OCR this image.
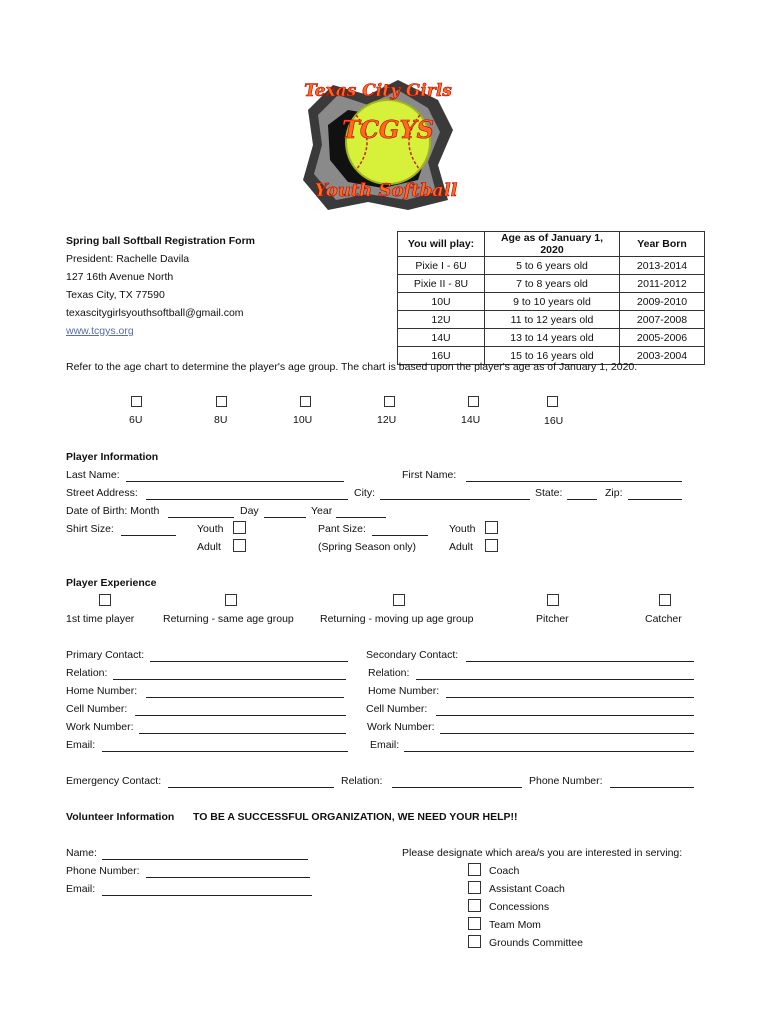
Texas City Girls
TCGYS
Youth Softball
Spring ball Softball Registration Form
President: Rachelle Davila
127 16th Avenue North
Texas City, TX 77590
texascitygirlsyouthsoftball@gmail.com
www.tcgys.org
You will play:	Age as of January 1, 2020	Year Born
Pixie I - 6U	5 to 6 years old	2013-2014
Pixie II - 8U	7 to 8 years old	2011-2012
10U	9 to 10 years old	2009-2010
12U	11 to 12 years old	2007-2008
14U	13 to 14 years old	2005-2006
16U	15 to 16 years old	2003-2004
Refer to the age chart to determine the player's age group. The chart is based upon the player's age as of January 1, 2020.
6U	8U	10U	12U	14U	16U
Player Information
Last Name:	First Name:
Street Address:	City:	State:	Zip:
Date of Birth: Month	Day	Year
Shirt Size:	Youth
Adult
Pant Size:
(Spring Season only)
Youth
Adult
Player Experience
1st time player	Returning - same age group	Returning - moving up age group	Pitcher	Catcher
Primary Contact:	Secondary Contact:
Relation:	Relation:
Home Number:	Home Number:
Cell Number:	Cell Number:
Work Number:	Work Number:
Email:	Email:
Emergency Contact:	Relation:	Phone Number:
Volunteer Information TO BE A SUCCESSFUL ORGANIZATION, WE NEED YOUR HELP!!
Name:
Phone Number:
Email:
Please designate which area/s you are interested in serving:
Coach
Assistant Coach
Concessions
Team Mom
Grounds Committee
